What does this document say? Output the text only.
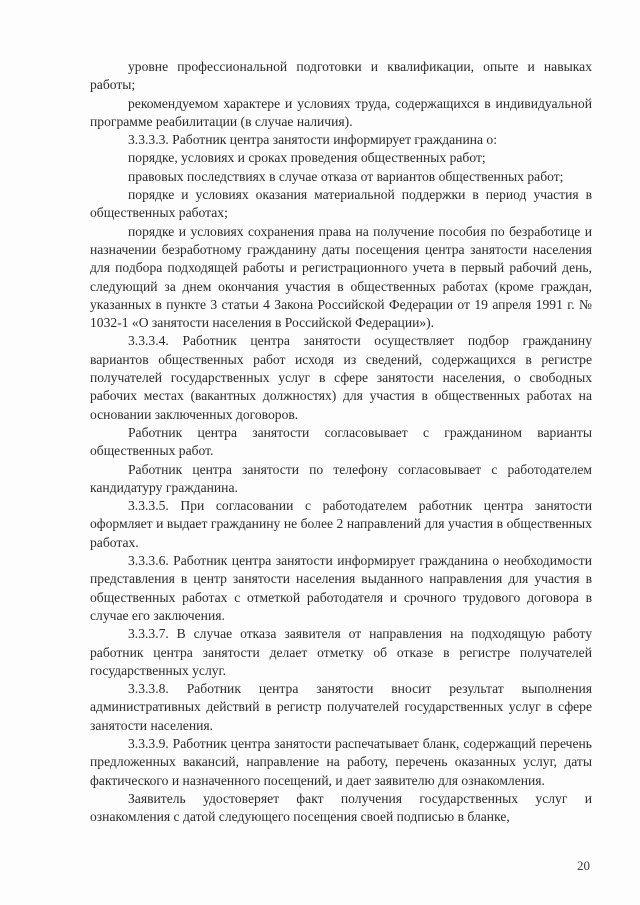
уровне профессиональной подготовки и квалификации, опыте и навыках работы;

рекомендуемом характере и условиях труда, содержащихся в индивидуальной программе реабилитации (в случае наличия).

3.3.3.3. Работник центра занятости информирует гражданина о:

порядке, условиях и сроках проведения общественных работ;

правовых последствиях в случае отказа от вариантов общественных работ;

порядке и условиях оказания материальной поддержки в период участия в общественных работах;

порядке и условиях сохранения права на получение пособия по безработице и назначении безработному гражданину даты посещения центра занятости населения для подбора подходящей работы и регистрационного учета в первый рабочий день, следующий за днем окончания участия в общественных работах (кроме граждан, указанных в пункте 3 статьи 4 Закона Российской Федерации от 19 апреля 1991 г. № 1032-1 «О занятости населения в Российской Федерации»).

3.3.3.4. Работник центра занятости осуществляет подбор гражданину вариантов общественных работ исходя из сведений, содержащихся в регистре получателей государственных услуг в сфере занятости населения, о свободных рабочих местах (вакантных должностях) для участия в общественных работах на основании заключенных договоров.

Работник центра занятости согласовывает с гражданином варианты общественных работ.

Работник центра занятости по телефону согласовывает с работодателем кандидатуру гражданина.

3.3.3.5. При согласовании с работодателем работник центра занятости оформляет и выдает гражданину не более 2 направлений для участия в общественных работах.

3.3.3.6. Работник центра занятости информирует гражданина о необходимости представления в центр занятости населения выданного направления для участия в общественных работах с отметкой работодателя и срочного трудового договора в случае его заключения.

3.3.3.7. В случае отказа заявителя от направления на подходящую работу работник центра занятости делает отметку об отказе в регистре получателей государственных услуг.

3.3.3.8. Работник центра занятости вносит результат выполнения административных действий в регистр получателей государственных услуг в сфере занятости населения.

3.3.3.9. Работник центра занятости распечатывает бланк, содержащий перечень предложенных вакансий, направление на работу, перечень оказанных услуг, даты фактического и назначенного посещений, и дает заявителю для ознакомления.

Заявитель удостоверяет факт получения государственных услуг и ознакомления с датой следующего посещения своей подписью в бланке,

20
